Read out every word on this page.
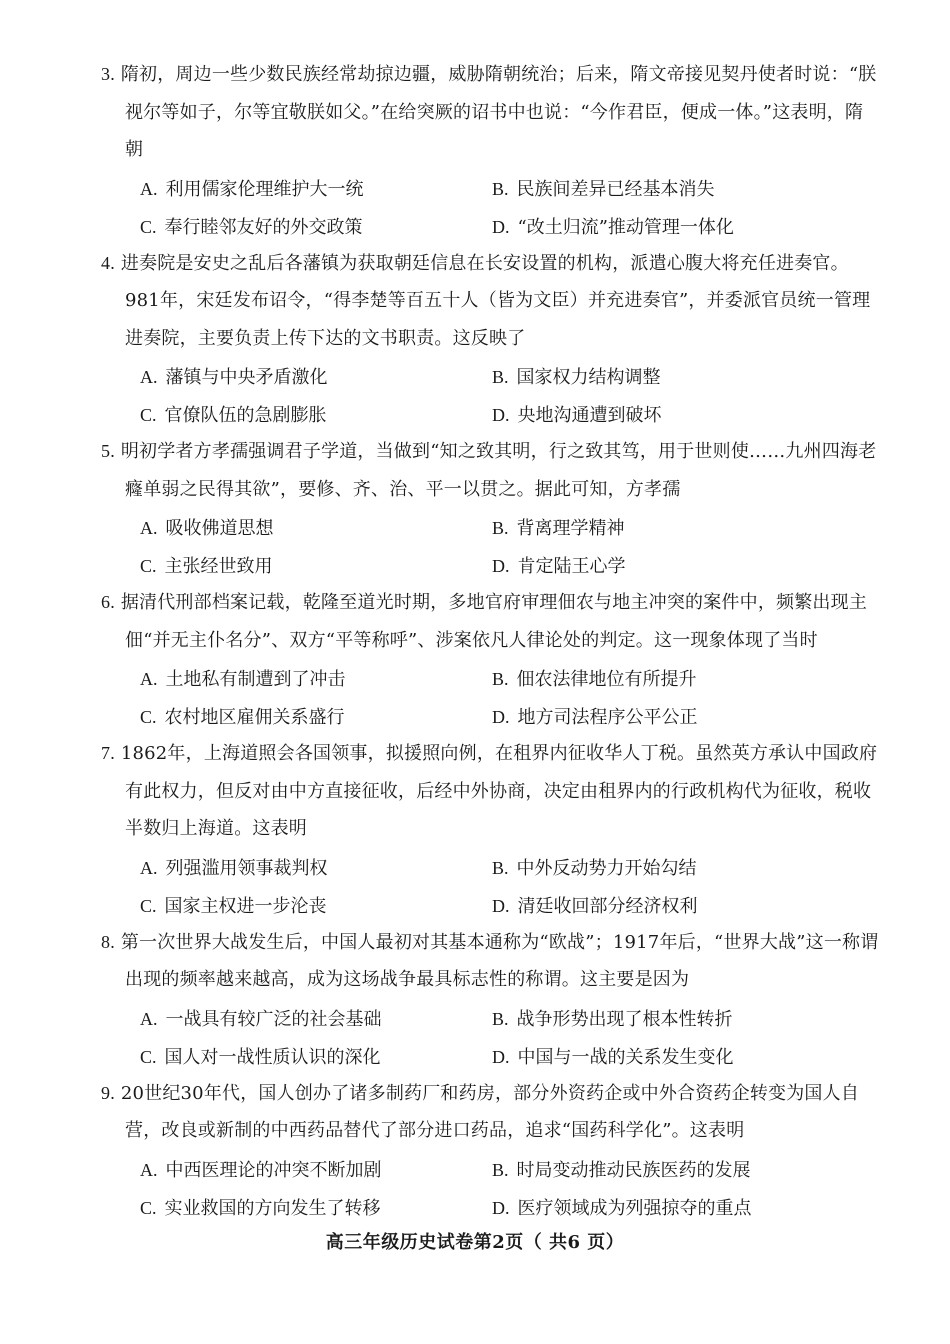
3. 隋初，周边一些少数民族经常劫掠边疆，威胁隋朝统治；后来，隋文帝接见契丹使者时说：“朕视尔等如子，尔等宜敬朕如父。”在给突厥的诏书中也说：“今作君臣，便成一体。”这表明，隋朝

A. 利用儒家伦理维护大一统	B. 民族间差异已经基本消失
C. 奉行睦邻友好的外交政策	D. “改土归流”推动管理一体化

4. 进奏院是安史之乱后各藩镇为获取朝廷信息在长安设置的机构，派遣心腹大将充任进奏官。981年，宋廷发布诏令，“得李楚等百五十人（皆为文臣）并充进奏官”，并委派官员统一管理进奏院，主要负责上传下达的文书职责。这反映了

A. 藩镇与中央矛盾激化	B. 国家权力结构调整
C. 官僚队伍的急剧膨胀	D. 央地沟通遭到破坏

5. 明初学者方孝孺强调君子学道，当做到“知之致其明，行之致其笃，用于世则使……九州四海老癃单弱之民得其欲”，要修、齐、治、平一以贯之。据此可知，方孝孺

A. 吸收佛道思想	B. 背离理学精神
C. 主张经世致用	D. 肯定陆王心学

6. 据清代刑部档案记载，乾隆至道光时期，多地官府审理佃农与地主冲突的案件中，频繁出现主佃“并无主仆名分”、双方“平等称呼”、涉案依凡人律论处的判定。这一现象体现了当时

A. 土地私有制遭到了冲击	B. 佃农法律地位有所提升
C. 农村地区雇佣关系盛行	D. 地方司法程序公平公正

7. 1862年，上海道照会各国领事，拟援照向例，在租界内征收华人丁税。虽然英方承认中国政府有此权力，但反对由中方直接征收，后经中外协商，决定由租界内的行政机构代为征收，税收半数归上海道。这表明

A. 列强滥用领事裁判权	B. 中外反动势力开始勾结
C. 国家主权进一步沦丧	D. 清廷收回部分经济权利

8. 第一次世界大战发生后，中国人最初对其基本通称为“欧战”；1917年后，“世界大战”这一称谓出现的频率越来越高，成为这场战争最具标志性的称谓。这主要是因为

A. 一战具有较广泛的社会基础	B. 战争形势出现了根本性转折
C. 国人对一战性质认识的深化	D. 中国与一战的关系发生变化

9. 20世纪30年代，国人创办了诸多制药厂和药房，部分外资药企或中外合资药企转变为国人自营，改良或新制的中西药品替代了部分进口药品，追求“国药科学化”。这表明

A. 中西医理论的冲突不断加剧	B. 时局变动推动民族医药的发展
C. 实业救国的方向发生了转移	D. 医疗领域成为列强掠夺的重点
高三年级历史试卷第2页（ 共6 页）
